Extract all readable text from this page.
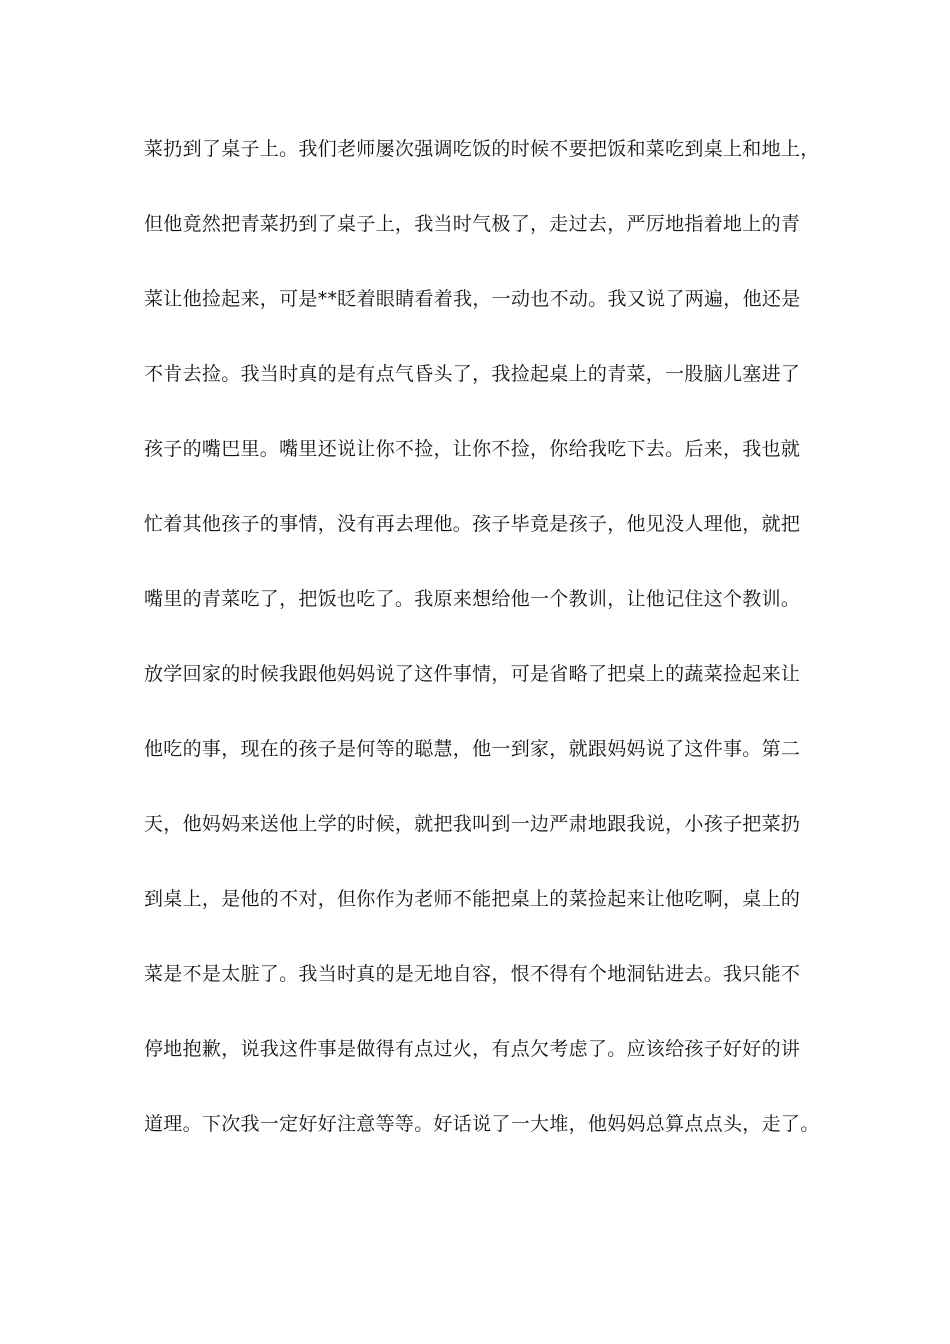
菜扔到了桌子上。我们老师屡次强调吃饭的时候不要把饭和菜吃到桌上和地上，
但他竟然把青菜扔到了桌子上，我当时气极了，走过去，严厉地指着地上的青
菜让他捡起来，可是**眨着眼睛看着我，一动也不动。我又说了两遍，他还是
不肯去捡。我当时真的是有点气昏头了，我捡起桌上的青菜，一股脑儿塞进了
孩子的嘴巴里。嘴里还说让你不捡，让你不捡，你给我吃下去。后来，我也就
忙着其他孩子的事情，没有再去理他。孩子毕竟是孩子，他见没人理他，就把
嘴里的青菜吃了，把饭也吃了。我原来想给他一个教训，让他记住这个教训。
放学回家的时候我跟他妈妈说了这件事情，可是省略了把桌上的蔬菜捡起来让
他吃的事，现在的孩子是何等的聪慧，他一到家，就跟妈妈说了这件事。第二
天，他妈妈来送他上学的时候，就把我叫到一边严肃地跟我说，小孩子把菜扔
到桌上，是他的不对，但你作为老师不能把桌上的菜捡起来让他吃啊，桌上的
菜是不是太脏了。我当时真的是无地自容，恨不得有个地洞钻进去。我只能不
停地抱歉，说我这件事是做得有点过火，有点欠考虑了。应该给孩子好好的讲
道理。下次我一定好好注意等等。好话说了一大堆，他妈妈总算点点头，走了。
